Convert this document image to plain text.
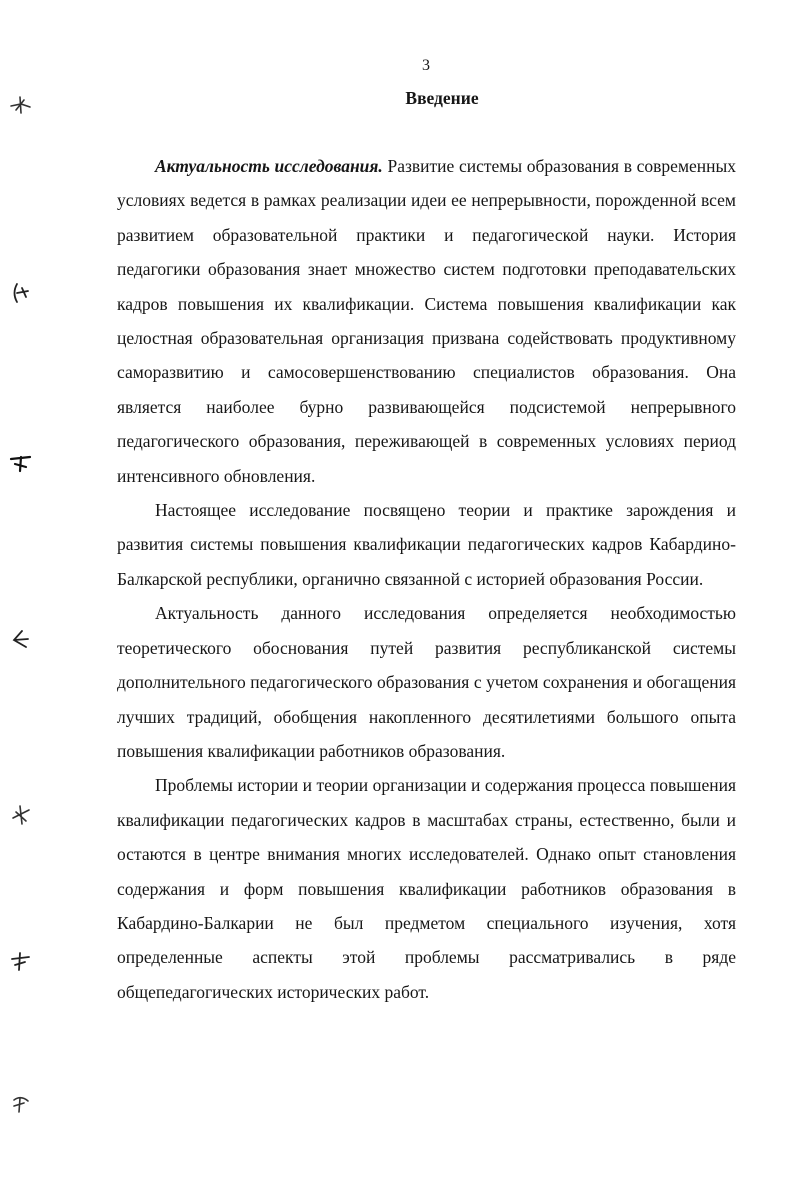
3
Введение

Актуальность исследования. Развитие системы образования в современных условиях ведется в рамках реализации идеи ее непрерывности, порожденной всем развитием образовательной практики и педагогической науки. История педагогики образования знает множество систем подготовки преподавательских кадров повышения их квалификации. Система повышения квалификации как целостная образовательная организация призвана содействовать продуктивному саморазвитию и самосовершенствованию специалистов образования. Она является наиболее бурно развивающейся подсистемой непрерывного педагогического образования, переживающей в современных условиях период интенсивного обновления.

Настоящее исследование посвящено теории и практике зарождения и развития системы повышения квалификации педагогических кадров Кабардино-Балкарской республики, органично связанной с историей образования России.

Актуальность данного исследования определяется необходимостью теоретического обоснования путей развития республиканской системы дополнительного педагогического образования с учетом сохранения и обогащения лучших традиций, обобщения накопленного десятилетиями большого опыта повышения квалификации работников образования.

Проблемы истории и теории организации и содержания процесса повышения квалификации педагогических кадров в масштабах страны, естественно, были и остаются в центре внимания многих исследователей. Однако опыт становления содержания и форм повышения квалификации работников образования в Кабардино-Балкарии не был предметом специального изучения, хотя определенные аспекты этой проблемы рассматривались в ряде общепедагогических исторических работ.
